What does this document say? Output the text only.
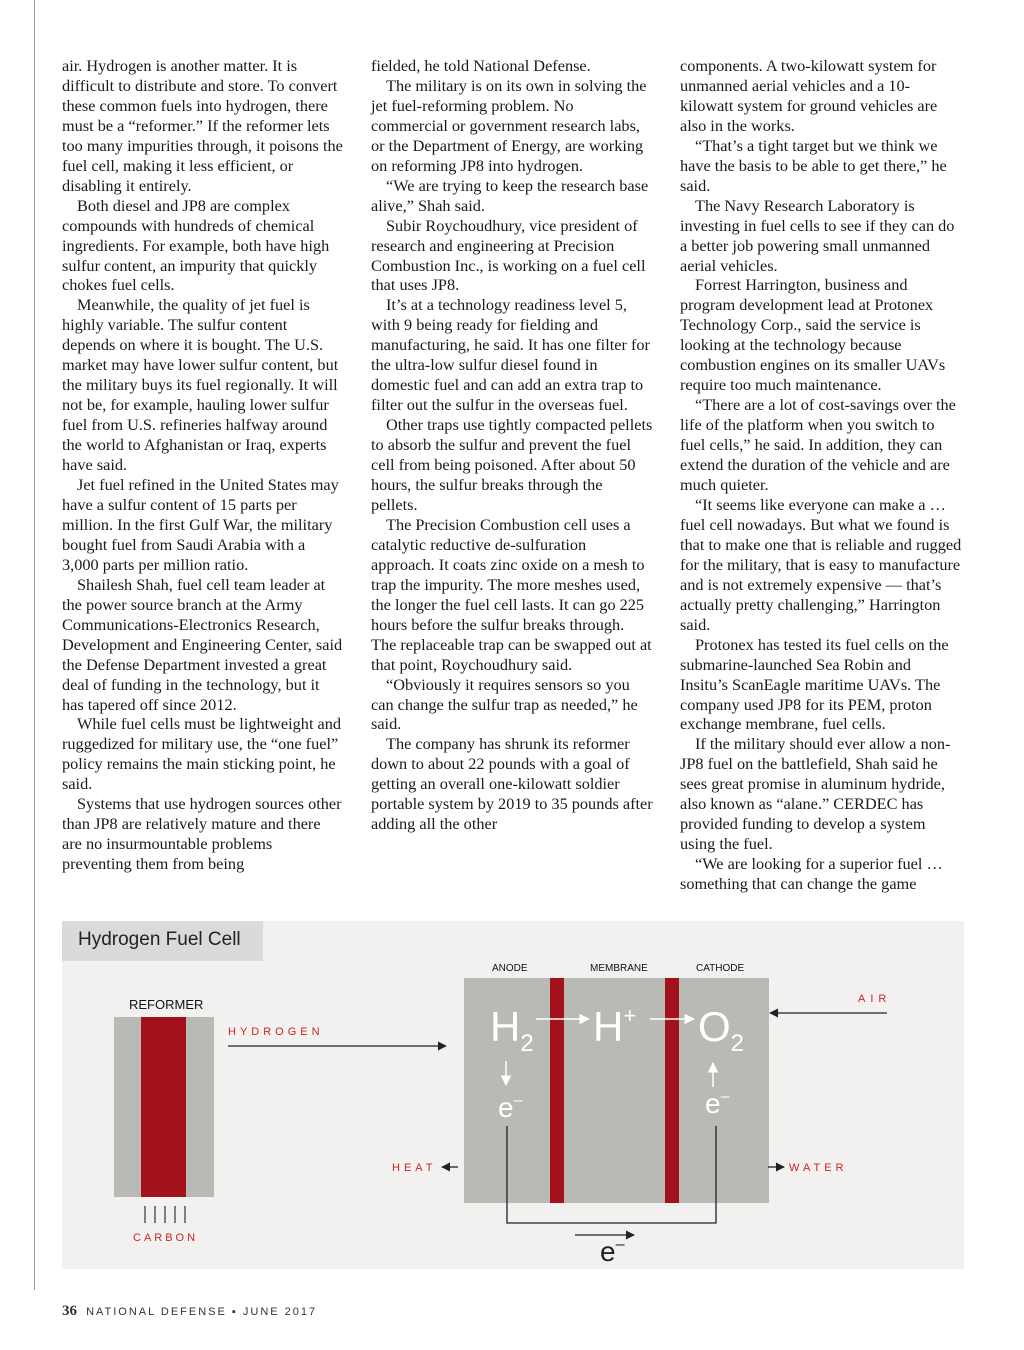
air. Hydrogen is another matter. It is difficult to distribute and store. To convert these common fuels into hydrogen, there must be a “reformer.” If the reformer lets too many impurities through, it poisons the fuel cell, making it less efficient, or disabling it entirely.

Both diesel and JP8 are complex compounds with hundreds of chemical ingredients. For example, both have high sulfur content, an impurity that quickly chokes fuel cells.

Meanwhile, the quality of jet fuel is highly variable. The sulfur content depends on where it is bought. The U.S. market may have lower sulfur content, but the military buys its fuel regionally. It will not be, for example, hauling lower sulfur fuel from U.S. refineries halfway around the world to Afghanistan or Iraq, experts have said.

Jet fuel refined in the United States may have a sulfur content of 15 parts per million. In the first Gulf War, the military bought fuel from Saudi Arabia with a 3,000 parts per million ratio.

Shailesh Shah, fuel cell team leader at the power source branch at the Army Communications-Electronics Research, Development and Engineering Center, said the Defense Department invested a great deal of funding in the technology, but it has tapered off since 2012.

While fuel cells must be lightweight and ruggedized for military use, the “one fuel” policy remains the main sticking point, he said.

Systems that use hydrogen sources other than JP8 are relatively mature and there are no insurmountable problems preventing them from being

fielded, he told National Defense.

The military is on its own in solving the jet fuel-reforming problem. No commercial or government research labs, or the Department of Energy, are working on reforming JP8 into hydrogen.

“We are trying to keep the research base alive,” Shah said.

Subir Roychoudhury, vice president of research and engineering at Precision Combustion Inc., is working on a fuel cell that uses JP8.

It’s at a technology readiness level 5, with 9 being ready for fielding and manufacturing, he said. It has one filter for the ultra-low sulfur diesel found in domestic fuel and can add an extra trap to filter out the sulfur in the overseas fuel.

Other traps use tightly compacted pellets to absorb the sulfur and prevent the fuel cell from being poisoned. After about 50 hours, the sulfur breaks through the pellets.

The Precision Combustion cell uses a catalytic reductive de-sulfuration approach. It coats zinc oxide on a mesh to trap the impurity. The more meshes used, the longer the fuel cell lasts. It can go 225 hours before the sulfur breaks through. The replaceable trap can be swapped out at that point, Roychoudhury said.

“Obviously it requires sensors so you can change the sulfur trap as needed,” he said.

The company has shrunk its reformer down to about 22 pounds with a goal of getting an overall one-kilowatt soldier portable system by 2019 to 35 pounds after adding all the other

components. A two-kilowatt system for unmanned aerial vehicles and a 10-kilowatt system for ground vehicles are also in the works.

“That’s a tight target but we think we have the basis to be able to get there,” he said.

The Navy Research Laboratory is investing in fuel cells to see if they can do a better job powering small unmanned aerial vehicles.

Forrest Harrington, business and program development lead at Protonex Technology Corp., said the service is looking at the technology because combustion engines on its smaller UAVs require too much maintenance.

“There are a lot of cost-savings over the life of the platform when you switch to fuel cells,” he said. In addition, they can extend the duration of the vehicle and are much quieter.

“It seems like everyone can make a … fuel cell nowadays. But what we found is that to make one that is reliable and rugged for the military, that is easy to manufacture and is not extremely expensive — that’s actually pretty challenging,” Harrington said.

Protonex has tested its fuel cells on the submarine-launched Sea Robin and Insitu’s ScanEagle maritime UAVs. The company used JP8 for its PEM, proton exchange membrane, fuel cells.

If the military should ever allow a non-JP8 fuel on the battlefield, Shah said he sees great promise in aluminum hydride, also known as “alane.” CERDEC has provided funding to develop a system using the fuel.

“We are looking for a superior fuel … something that can change the game

Hydrogen Fuel Cell
REFORMER
CARBON
HYDROGEN
ANODE	MEMBRANE	CATHODE
$H_2$ H+ $O_2$
e–	e–
e–
AIR
HEAT	WATER
36 NATIONAL DEFENSE ▪ JUNE 2017
